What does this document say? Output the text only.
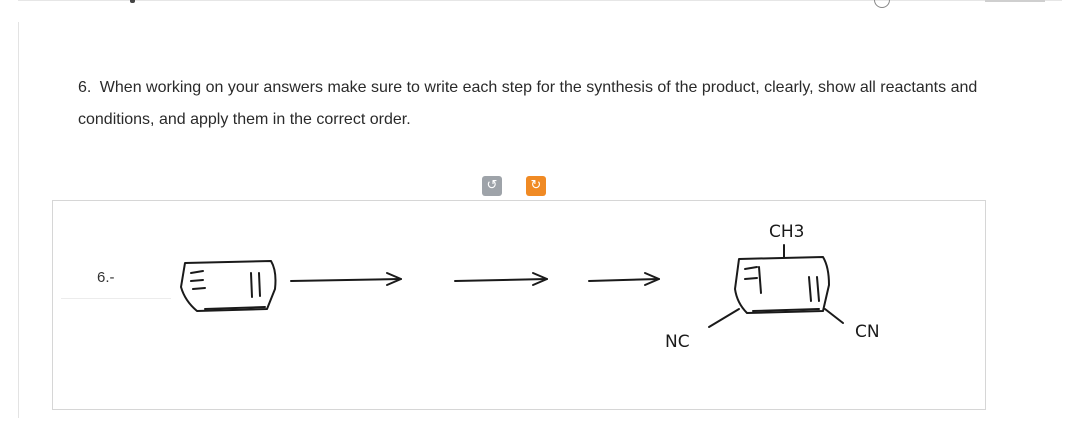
6. When working on your answers make sure to write each step for the synthesis of the product, clearly, show all reactants and conditions, and apply them in the correct order.
↺	↻
6.-
CH3
NC	CN
